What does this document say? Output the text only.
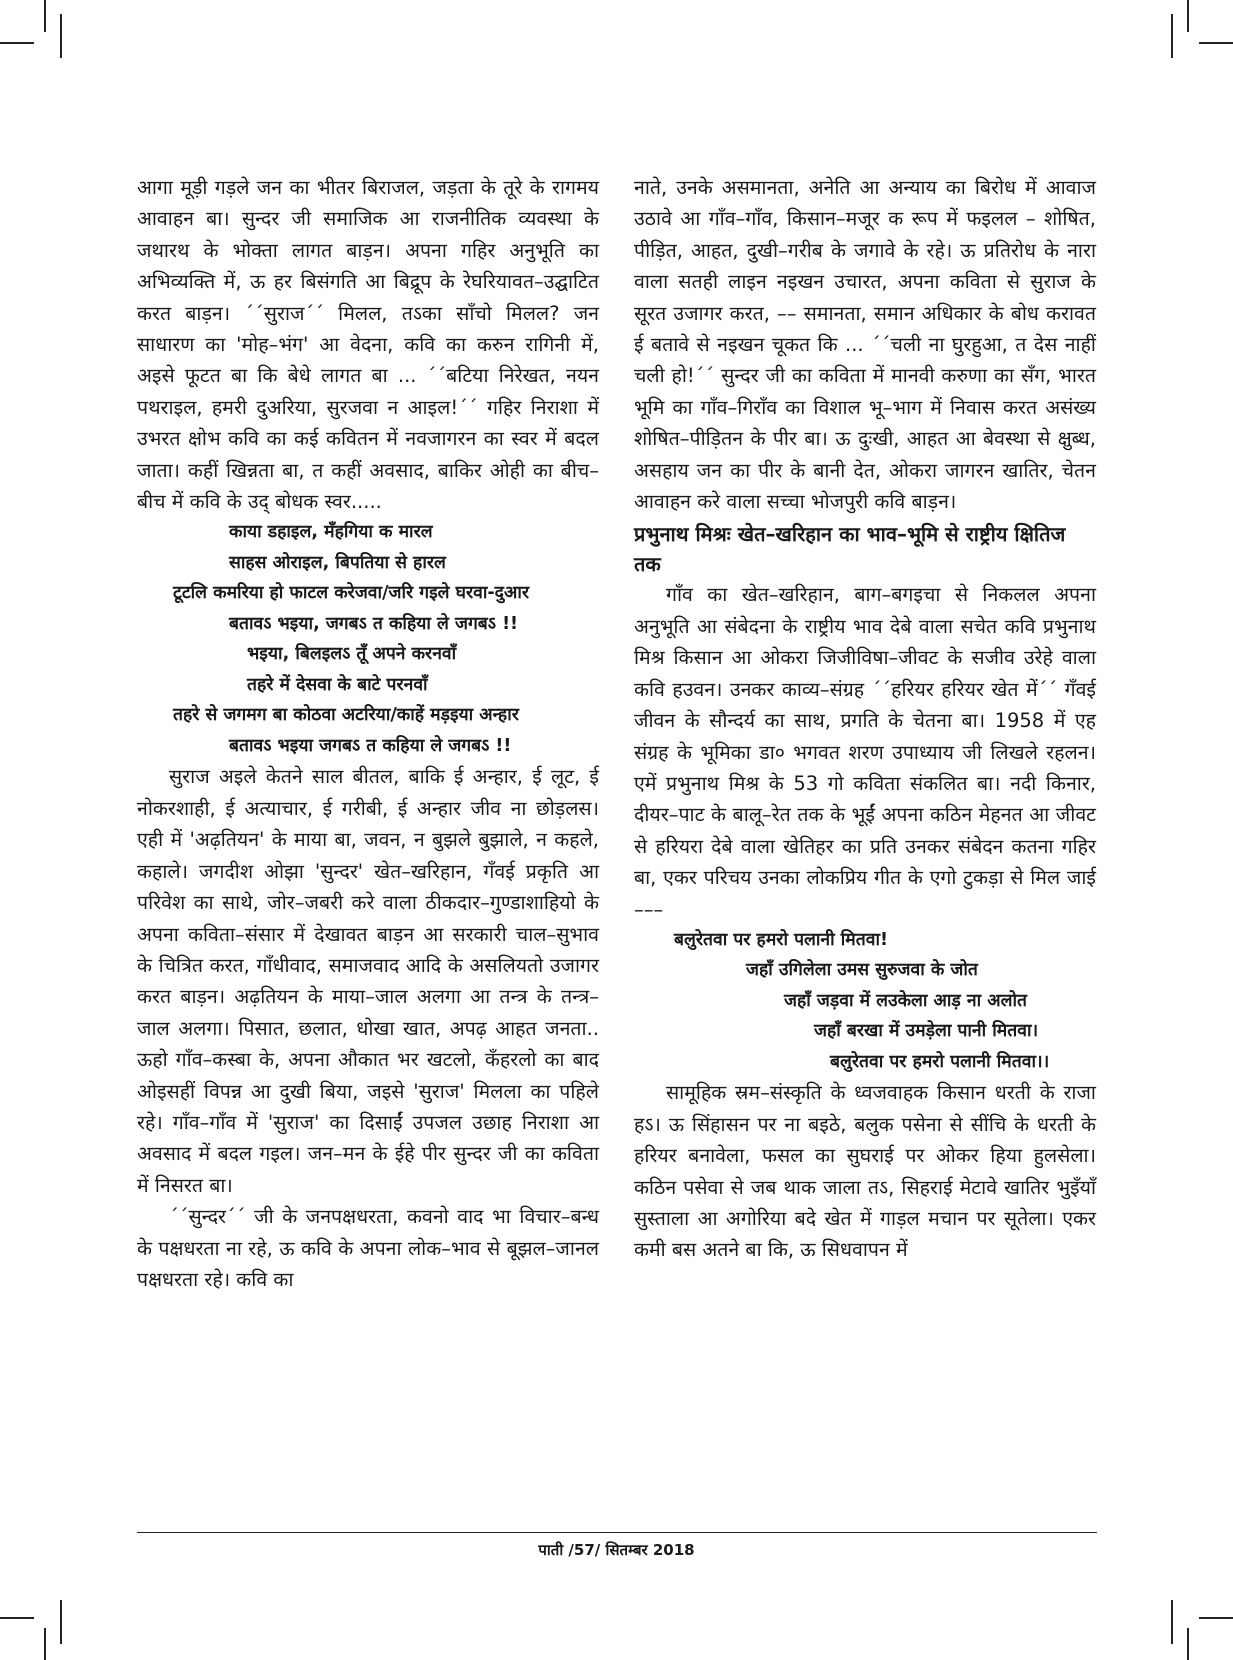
आगा मूड़ी गड़ले जन का भीतर बिराजल, जड़ता के तूरे के रागमय आवाहन बा। सुन्दर जी समाजिक आ राजनीतिक व्यवस्था के जथारथ के भोक्ता लागत बाड़न। अपना गहिर अनुभूति का अभिव्यक्ति में, ऊ हर बिसंगति आ बिद्रूप के रेघरियावत–उद्घाटित करत बाड़न। ´´सुराज´´ मिलल, तऽका साँचो मिलल? जन साधारण का 'मोह–भंग' आ वेदना, कवि का करुन रागिनी में, अइसे फूटत बा कि बेधे लागत बा ... ´´बटिया निरेखत, नयन पथराइल, हमरी दुअरिया, सुरजवा न आइल!´´ गहिर निराशा में उभरत क्षोभ कवि का कई कवितन में नवजागरन का स्वर में बदल जाता। कहीं खिन्नता बा, त कहीं अवसाद, बाकिर ओही का बीच–बीच में कवि के उद् बोधक स्वर.....

काया डहाइल, मँहगिया क मारल
साहस ओराइल, बिपतिया से हारल
टूटलि कमरिया हो फाटल करेजवा/जरि गइले घरवा-दुआर
बतावऽ भइया, जगबऽ त कहिया ले जगबऽ !!
भइया, बिलइलऽ तूँ अपने करनवाँ
तहरे में देसवा के बाटे परनवाँ
तहरे से जगमग बा कोठवा अटरिया/काहें मड़इया अन्हार
बतावऽ भइया जगबऽ त कहिया ले जगबऽ !!

सुराज अइले केतने साल बीतल, बाकि ई अन्हार, ई लूट, ई नोकरशाही, ई अत्याचार, ई गरीबी, ई अन्हार जीव ना छोड़लस। एही में 'अढ़तियन' के माया बा, जवन, न बुझले बुझाले, न कहले, कहाले। जगदीश ओझा 'सुन्दर' खेत–खरिहान, गँवई प्रकृति आ परिवेश का साथे, जोर–जबरी करे वाला ठीकदार–गुण्डाशाहियो के अपना कविता–संसार में देखावत बाड़न आ सरकारी चाल–सुभाव के चित्रित करत, गाँधीवाद, समाजवाद आदि के असलियतो उजागर करत बाड़न। अढ़तियन के माया–जाल अलगा आ तन्त्र के तन्त्र–जाल अलगा। पिसात, छलात, धोखा खात, अपढ़ आहत जनता.. ऊहो गाँव–कस्बा के, अपना औकात भर खटलो, कँहरलो का बाद ओइसहीं विपन्न आ दुखी बिया, जइसे 'सुराज' मिलला का पहिले रहे। गाँव–गाँव में 'सुराज' का दिसाईं उपजल उछाह निराशा आ अवसाद में बदल गइल। जन–मन के ईहे पीर सुन्दर जी का कविता में निसरत बा।

´´सुन्दर´´ जी के जनपक्षधरता, कवनो वाद भा विचार–बन्ध के पक्षधरता ना रहे, ऊ कवि के अपना लोक–भाव से बूझल–जानल पक्षधरता रहे। कवि का

नाते, उनके असमानता, अनेति आ अन्याय का बिरोध में आवाज उठावे आ गाँव–गाँव, किसान–मजूर क रूप में फइलल – शोषित, पीड़ित, आहत, दुखी–गरीब के जगावे के रहे। ऊ प्रतिरोध के नारा वाला सतही लाइन नइखन उचारत, अपना कविता से सुराज के सूरत उजागर करत, –– समानता, समान अधिकार के बोध करावत ई बतावे से नइखन चूकत कि ... ´´चली ना घुरहुआ, त देस नाहीं चली हो!´´ सुन्दर जी का कविता में मानवी करुणा का सँग, भारत भूमि का गाँव–गिराँव का विशाल भू–भाग में निवास करत असंख्य शोषित–पीड़ितन के पीर बा। ऊ दुःखी, आहत आ बेवस्था से क्षुब्ध, असहाय जन का पीर के बानी देत, ओकरा जागरन खातिर, चेतन आवाहन करे वाला सच्चा भोजपुरी कवि बाड़न।

प्रभुनाथ मिश्रः खेत–खरिहान का भाव–भूमि से राष्ट्रीय क्षितिज तक

गाँव का खेत–खरिहान, बाग–बगइचा से निकलल अपना अनुभूति आ संबेदना के राष्ट्रीय भाव देबे वाला सचेत कवि प्रभुनाथ मिश्र किसान आ ओकरा जिजीविषा–जीवट के सजीव उरेहे वाला कवि हउवन। उनकर काव्य–संग्रह ´´हरियर हरियर खेत में´´ गँवई जीवन के सौन्दर्य का साथ, प्रगति के चेतना बा। 1958 में एह संग्रह के भूमिका डा० भगवत शरण उपाध्याय जी लिखले रहलन। एमें प्रभुनाथ मिश्र के 53 गो कविता संकलित बा। नदी किनार, दीयर–पाट के बालू–रेत तक के भूईं अपना कठिन मेहनत आ जीवट से हरियरा देबे वाला खेतिहर का प्रति उनकर संबेदन कतना गहिर बा, एकर परिचय उनका लोकप्रिय गीत के एगो टुकड़ा से मिल जाई –––

बलुरेतवा पर हमरो पलानी मितवा!
जहाँ उगिलेला उमस सुरुजवा के जोत
जहाँ जड़वा में लउकेला आड़ ना अलोत
जहाँ बरखा में उमड़ेला पानी मितवा।
बलुरेतवा पर हमरो पलानी मितवा।।

सामूहिक स्रम–संस्कृति के ध्वजवाहक किसान धरती के राजा हऽ। ऊ सिंहासन पर ना बइठे, बलुक पसेना से सींचि के धरती के हरियर बनावेला, फसल का सुघराई पर ओकर हिया हुलसेला। कठिन पसेवा से जब थाक जाला तऽ, सिहराई मेटावे खातिर भुइँयाँ सुस्ताला आ अगोरिया बदे खेत में गाड़ल मचान पर सूतेला। एकर कमी बस अतने बा कि, ऊ सिधवापन में

पाती /57/ सितम्बर 2018
